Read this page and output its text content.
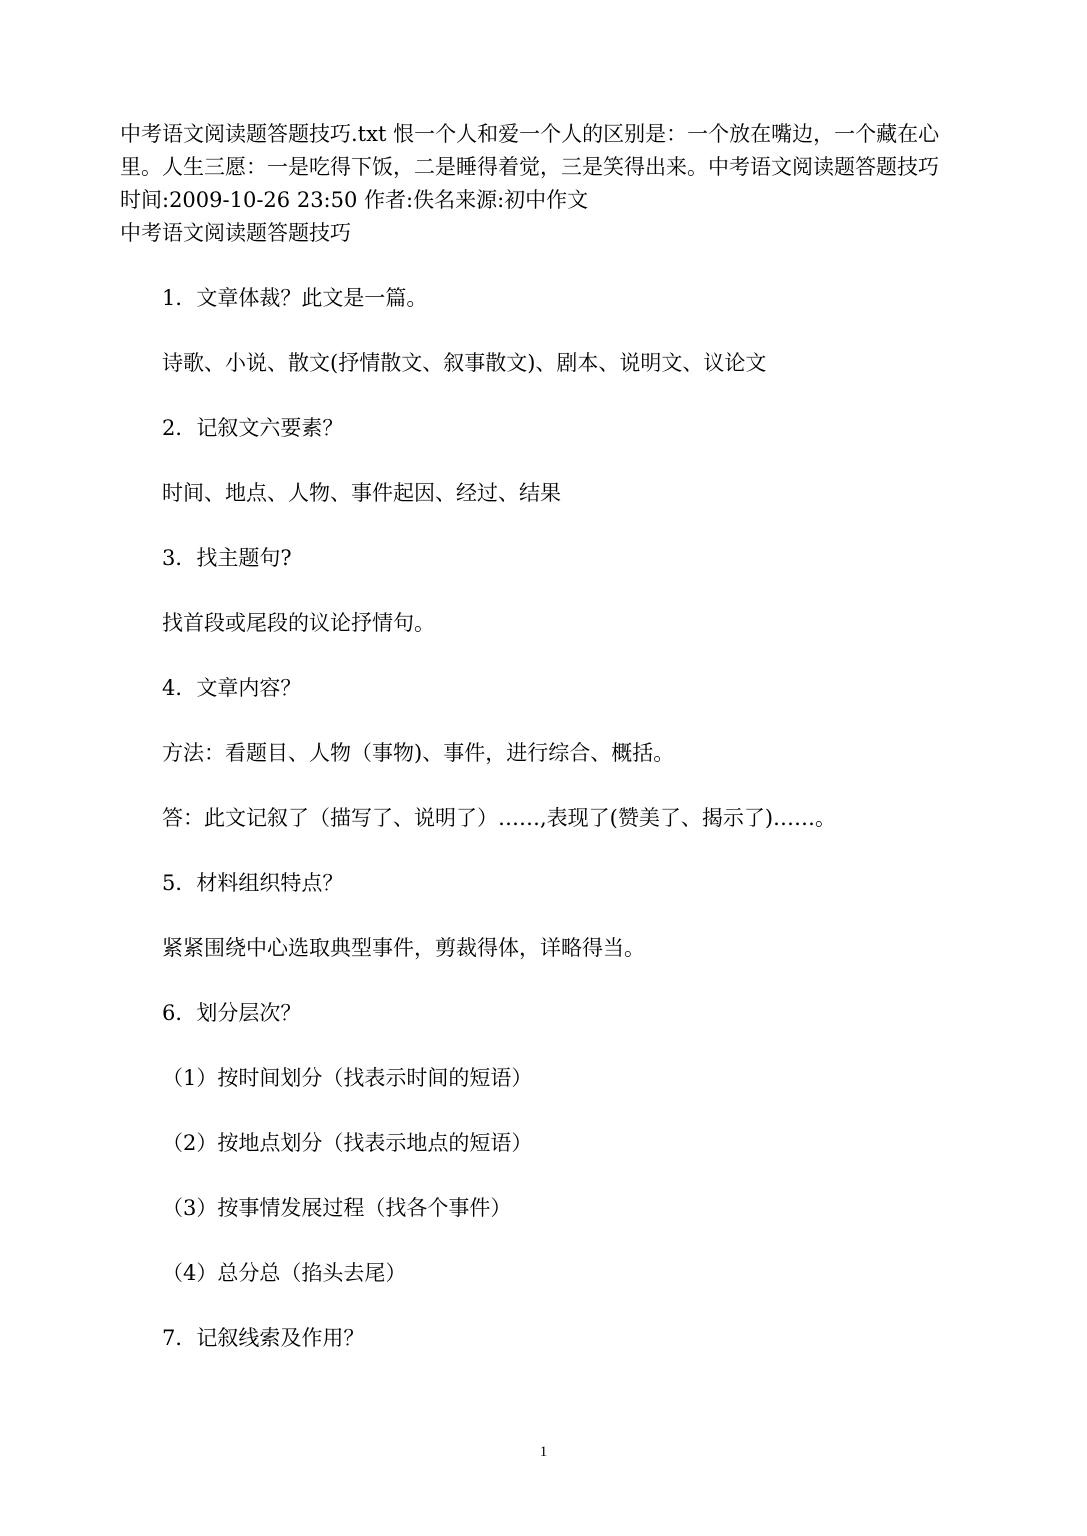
中考语文阅读题答题技巧.txt 恨一个人和爱一个人的区别是：一个放在嘴边，一个藏在心
里。人生三愿：一是吃得下饭，二是睡得着觉，三是笑得出来。中考语文阅读题答题技巧
时间:2009-10-26 23:50 作者:佚名来源:初中作文
中考语文阅读题答题技巧
1．文章体裁？此文是一篇。
诗歌、小说、散文(抒情散文、叙事散文)、剧本、说明文、议论文
2．记叙文六要素？
时间、地点、人物、事件起因、经过、结果
3．找主题句?
找首段或尾段的议论抒情句。
4．文章内容？
方法：看题目、人物（事物)、事件，进行综合、概括。
答：此文记叙了（描写了、说明了）……,表现了(赞美了、揭示了)……。
5．材料组织特点？
紧紧围绕中心选取典型事件，剪裁得体，详略得当。
6．划分层次？
（1）按时间划分（找表示时间的短语）
（2）按地点划分（找表示地点的短语）
（3）按事情发展过程（找各个事件）
（4）总分总（掐头去尾）
7．记叙线索及作用？
1
